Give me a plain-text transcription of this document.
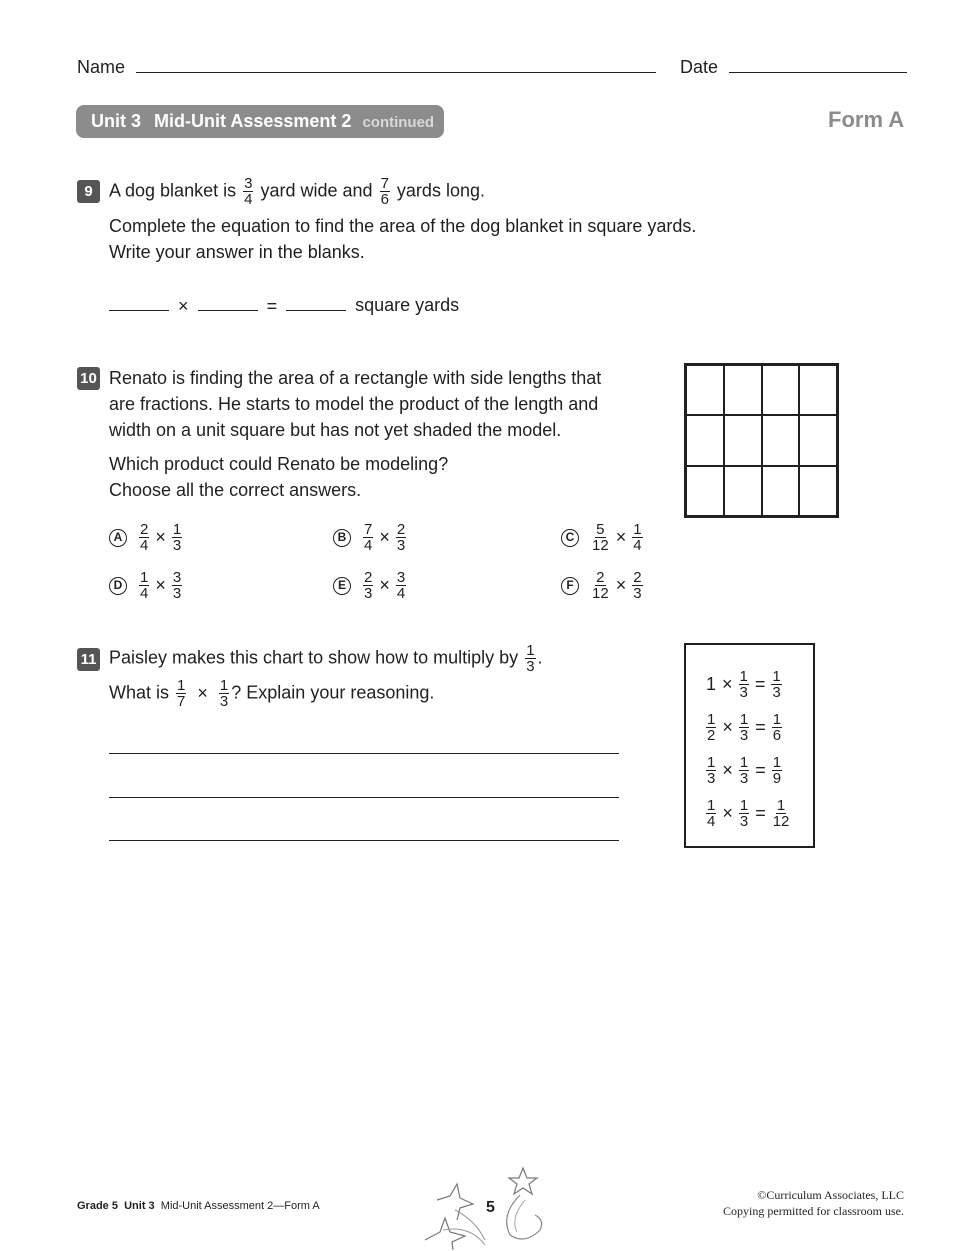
Name	Date
Unit 3 Mid-Unit Assessment 2 continued	Form A
9 A dog blanket is $\frac{3}{4}$ yard wide and $\frac{7}{6}$ yards long.
Complete the equation to find the area of the dog blanket in square yards.
Write your answer in the blanks.
×	=	square yards
10 Renato is finding the area of a rectangle with side lengths that
are fractions. He starts to model the product of the length and
width on a unit square but has not yet shaded the model.
Which product could Renato be modeling?
Choose all the correct answers.
A	$\frac{2}{4} \times \frac{1}{3}$	B	$\frac{7}{4} \times \frac{2}{3}$	C	$\frac{5}{12} \times \frac{1}{4}$
D	$\frac{1}{4} \times \frac{3}{3}$	E	$\frac{2}{3} \times \frac{3}{4}$	F	$\frac{2}{12} \times \frac{2}{3}$
11 Paisley makes this chart to show how to multiply by $\frac{1}{3}$ .
What is $\frac{1}{7} \times \frac{1}{3}$ ? Explain your reasoning.	$1 \times \frac{1}{3} = \frac{1}{3}$
$\frac{1}{2} \times \frac{1}{3} = \frac{1}{6}$
$\frac{1}{3} \times \frac{1}{3} = \frac{1}{9}$
$\frac{1}{4} \times \frac{1}{3} = \frac{1}{12}$
Grade 5 Unit 3 Mid-Unit Assessment 2—Form A	5
©Curriculum Associates, LLC
Copying permitted for classroom use.
